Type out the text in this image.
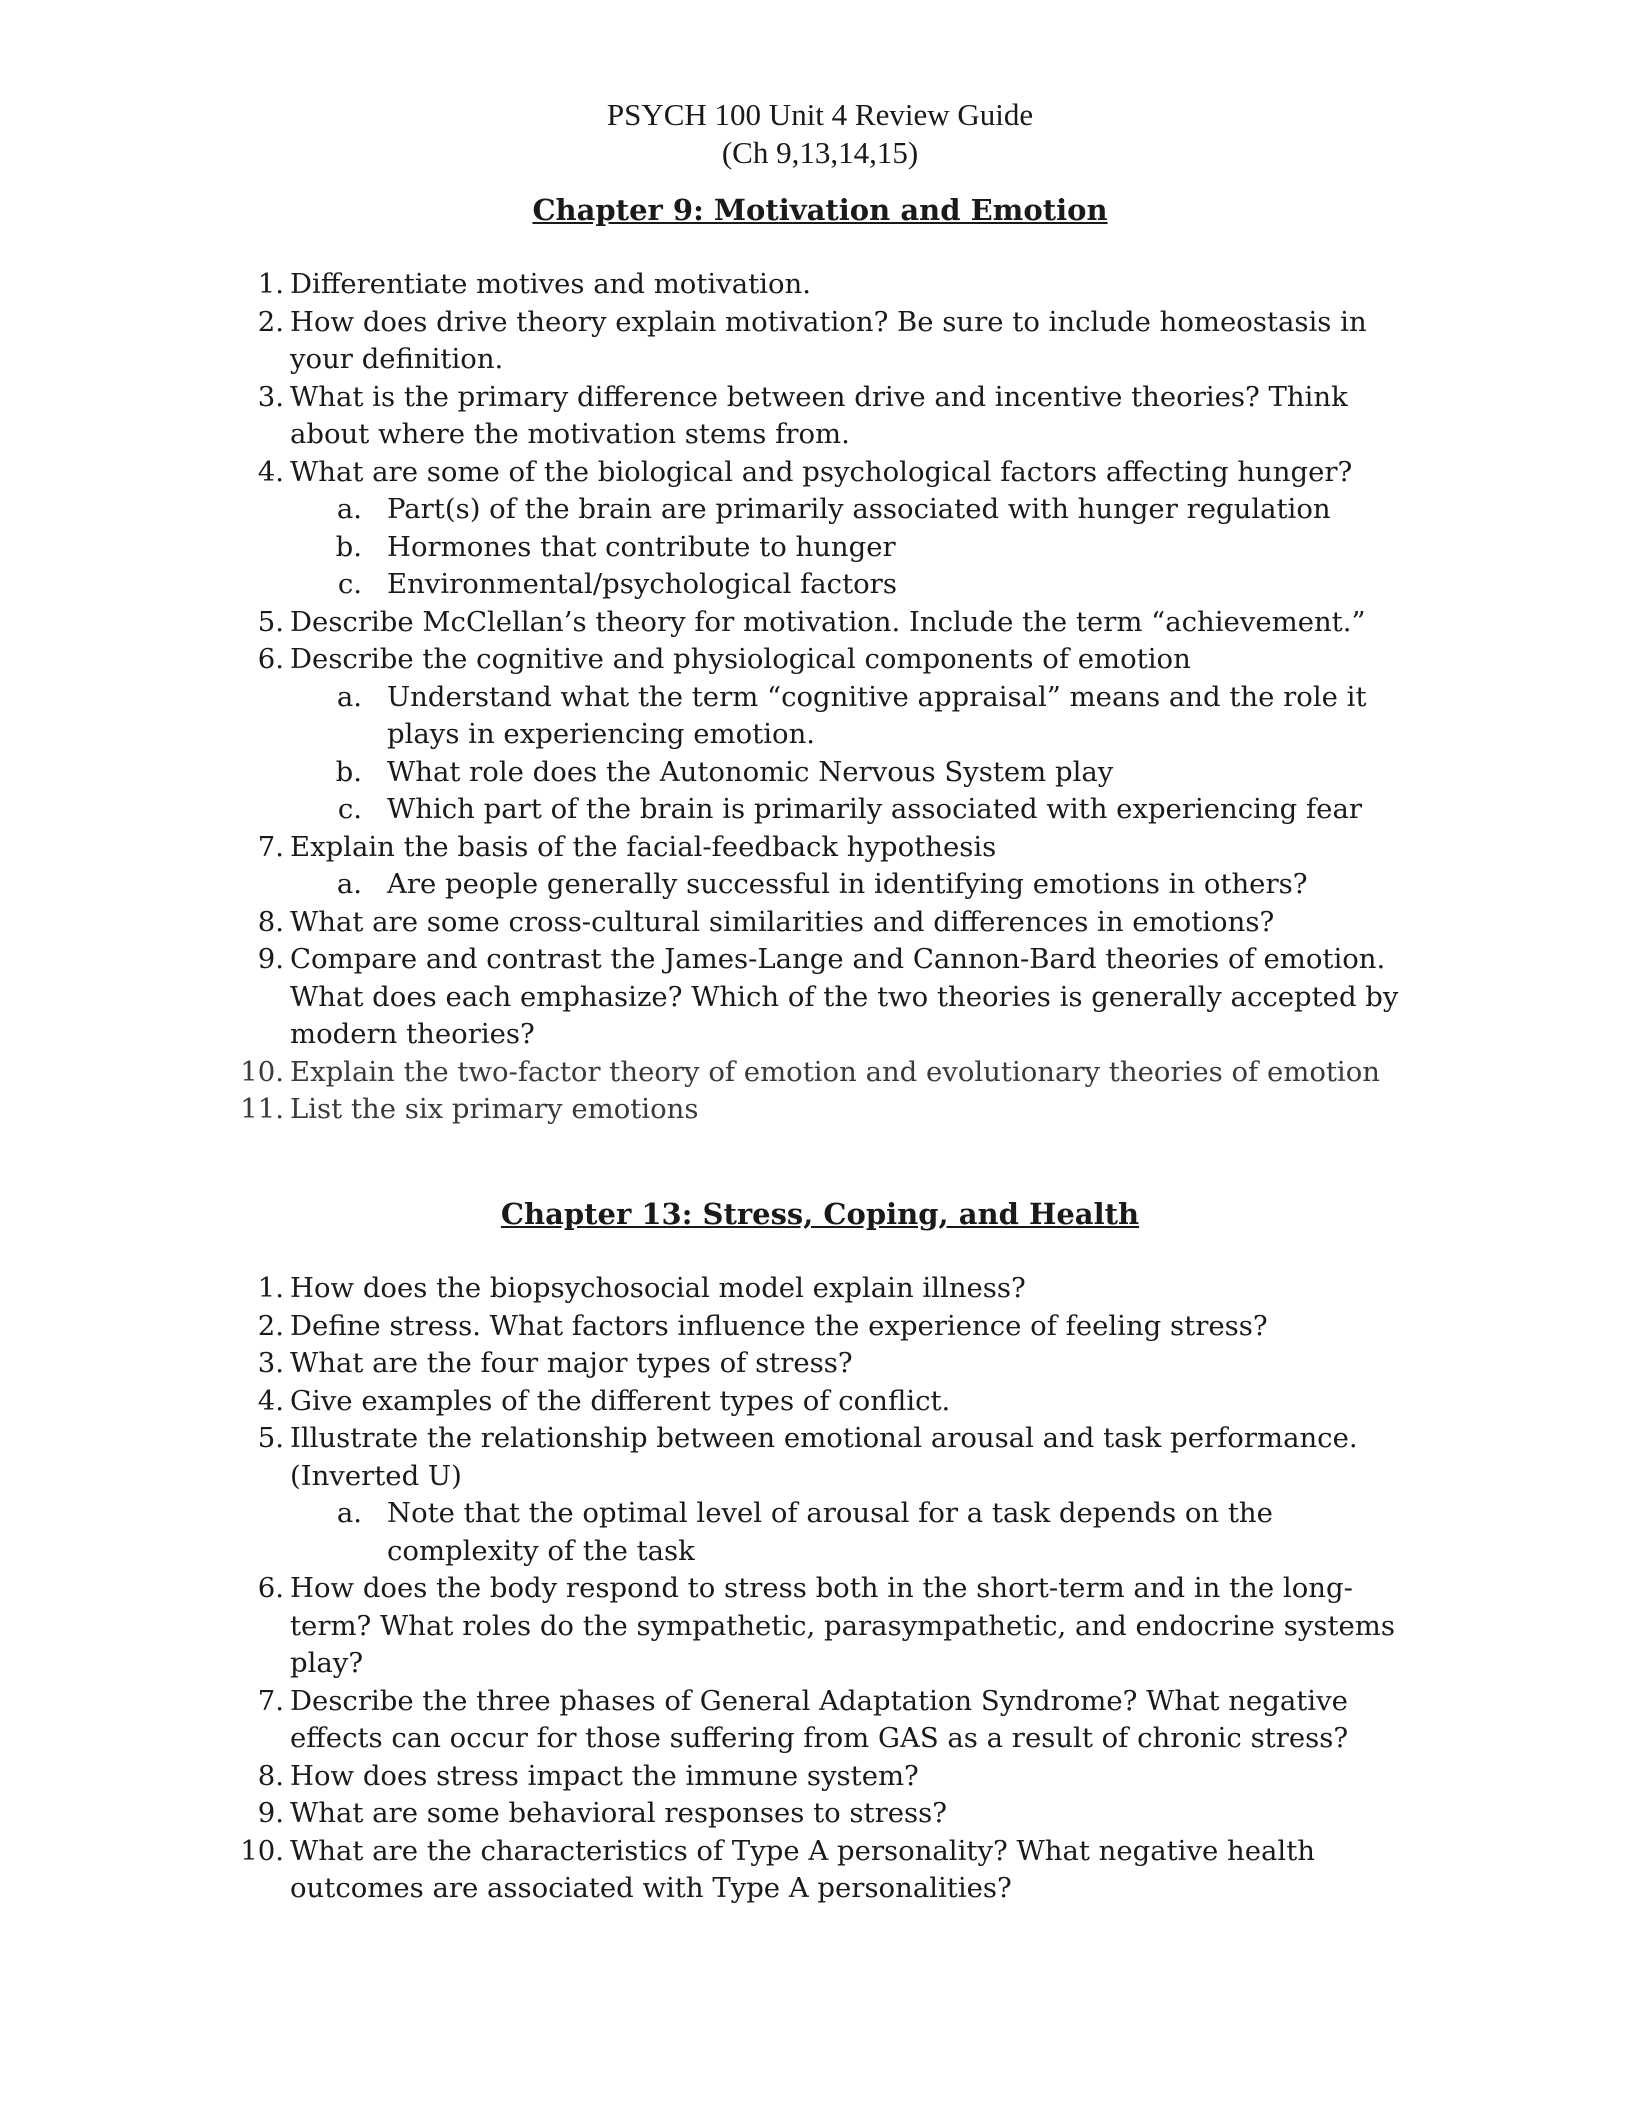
PSYCH 100 Unit 4 Review Guide
(Ch 9,13,14,15)
Chapter 9: Motivation and Emotion
1. Differentiate motives and motivation.
2. How does drive theory explain motivation? Be sure to include homeostasis in
your definition.
3. What is the primary difference between drive and incentive theories? Think
about where the motivation stems from.
4. What are some of the biological and psychological factors affecting hunger?
a. Part(s) of the brain are primarily associated with hunger regulation
b. Hormones that contribute to hunger
c. Environmental/psychological factors
5. Describe McClellan’s theory for motivation. Include the term “achievement.”
6. Describe the cognitive and physiological components of emotion
a. Understand what the term “cognitive appraisal” means and the role it
plays in experiencing emotion.
b. What role does the Autonomic Nervous System play
c. Which part of the brain is primarily associated with experiencing fear
7. Explain the basis of the facial-feedback hypothesis
a. Are people generally successful in identifying emotions in others?
8. What are some cross-cultural similarities and differences in emotions?
9. Compare and contrast the James-Lange and Cannon-Bard theories of emotion.
What does each emphasize? Which of the two theories is generally accepted by
modern theories?
10. Explain the two-factor theory of emotion and evolutionary theories of emotion
11. List the six primary emotions
Chapter 13: Stress, Coping, and Health
1. How does the biopsychosocial model explain illness?
2. Define stress. What factors influence the experience of feeling stress?
3. What are the four major types of stress?
4. Give examples of the different types of conflict.
5. Illustrate the relationship between emotional arousal and task performance.
(Inverted U)
a. Note that the optimal level of arousal for a task depends on the
complexity of the task
6. How does the body respond to stress both in the short-term and in the long-
term? What roles do the sympathetic, parasympathetic, and endocrine systems
play?
7. Describe the three phases of General Adaptation Syndrome? What negative
effects can occur for those suffering from GAS as a result of chronic stress?
8. How does stress impact the immune system?
9. What are some behavioral responses to stress?
10. What are the characteristics of Type A personality? What negative health
outcomes are associated with Type A personalities?
